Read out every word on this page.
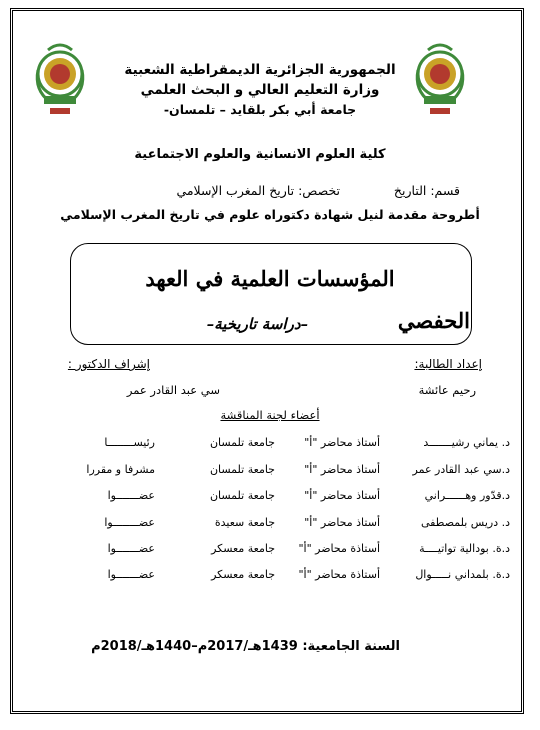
الجمهورية الجزائرية الديمقراطية الشعبية
وزارة التعليم العالي و البحث العلمي
جامعة أبي بكر بلقايد – تلمسان-
كلية العلوم الانسانية والعلوم الاجتماعية
قسم: التاريخ
تخصص: تاريخ المغرب الإسلامي
أطروحة مقدمة لنيل شهادة دكتوراه علوم في تاريخ المغرب الإسلامي
المؤسسات العلمية في العهد
الحفصي
–دراسة تاريخية–
إعداد الطالبة:
إشراف الدكتور :
رحيم عائشة
سي عبد القادر عمر
أعضاء لجنة المناقشة
د. يماني رشيـــــــد
أستاذ محاضر "أ"
جامعة تلمسان
رئيســــــــا
د.سي عبد القادر عمر
أستاذ محاضر "أ"
جامعة تلمسان
مشرفا و مقررا
د.قدّور وهــــــراني
أستاذ محاضر "أ"
جامعة تلمسان
عضـــــــوا
د. دريس بلمصطفى
أستاذ محاضر "أ"
جامعة سعيدة
عضــــــــوا
د.ة. بودالية تواتيــــة
أستاذة محاضر "أ"
جامعة معسكر
عضـــــــوا
د.ة. بلمداني نـــــوال
أستاذة محاضر "أ"
جامعة معسكر
عضـــــــوا
السنة الجامعية: 1439هـ/2017م–1440هـ/2018م
